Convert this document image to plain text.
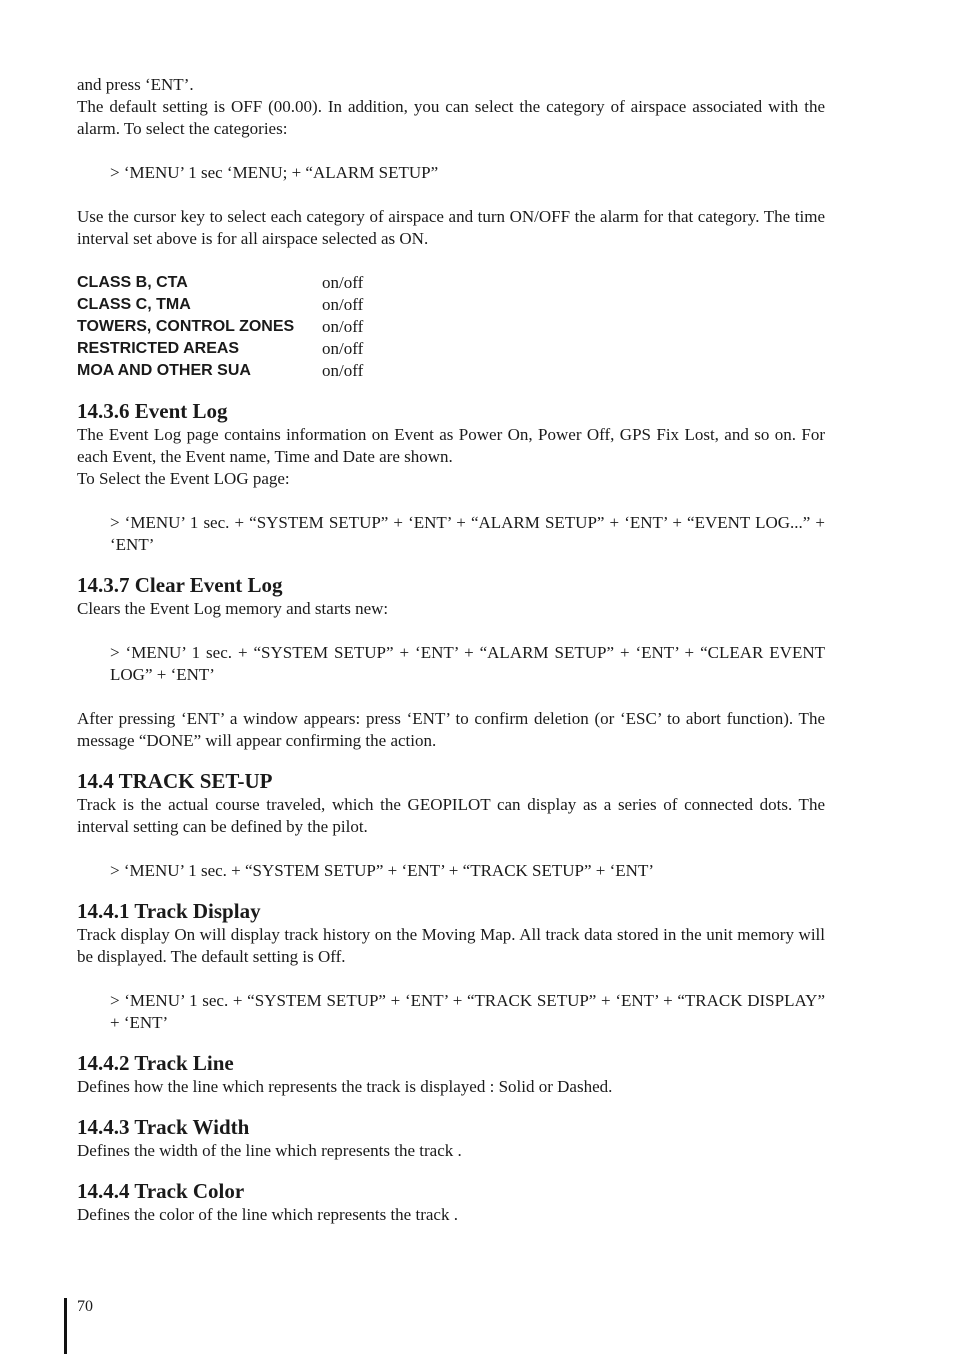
and press ‘ENT’.

The default setting is OFF (00.00). In addition, you can select the category of airspace associated with the alarm. To select the categories:

> ‘MENU’ 1 sec ‘MENU; + “ALARM SETUP”

Use the cursor key to select each category of airspace and turn ON/OFF the alarm for that category. The time interval set above is for all airspace selected as ON.

CLASS B, CTA	on/off
CLASS C, TMA	on/off
TOWERS, CONTROL ZONES	on/off
RESTRICTED AREAS	on/off
MOA AND OTHER SUA	on/off
14.3.6 Event Log

The Event Log page contains information on Event as Power On, Power Off, GPS Fix Lost, and so on. For each Event, the Event name, Time and Date are shown.

To Select the Event LOG page:

> ‘MENU’ 1 sec. + “SYSTEM SETUP” + ‘ENT’ + “ALARM SETUP” + ‘ENT’ + “EVENT LOG...” + ‘ENT’

14.3.7 Clear Event Log

Clears the Event Log memory and starts new:

> ‘MENU’ 1 sec. + “SYSTEM SETUP” + ‘ENT’ + “ALARM SETUP” + ‘ENT’ + “CLEAR EVENT LOG” + ‘ENT’

After pressing ‘ENT’ a window appears: press ‘ENT’ to confirm deletion (or ‘ESC’ to abort function). The message “DONE” will appear confirming the action.

14.4 TRACK SET-UP

Track is the actual course traveled, which the GEOPILOT can display as a series of connected dots. The interval setting can be defined by the pilot.

> ‘MENU’ 1 sec. + “SYSTEM SETUP” + ‘ENT’ + “TRACK SETUP” + ‘ENT’

14.4.1 Track Display

Track display On will display track history on the Moving Map. All track data stored in the unit memory will be displayed. The default setting is Off.

> ‘MENU’ 1 sec. + “SYSTEM SETUP” + ‘ENT’ + “TRACK SETUP” + ‘ENT’ + “TRACK DISPLAY” + ‘ENT’

14.4.2 Track Line

Defines how the line which represents the track is displayed : Solid or Dashed.

14.4.3 Track Width

Defines the width of the line which represents the track .

14.4.4 Track Color

Defines the color of the line which represents the track .

70
